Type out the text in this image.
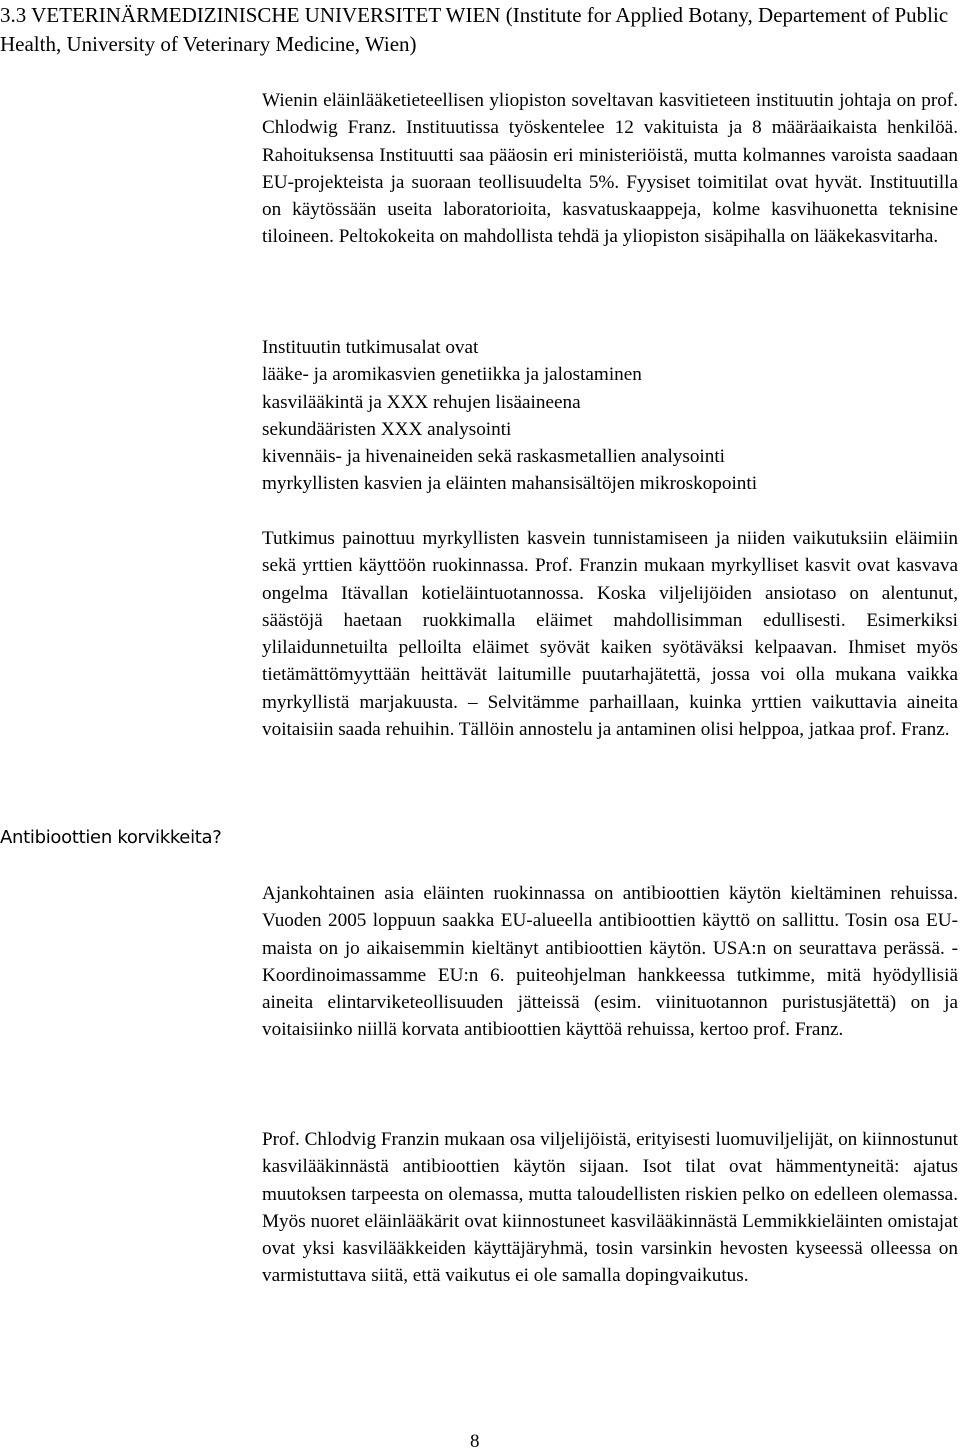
3.3 VETERINÄRMEDIZINISCHE UNIVERSITET WIEN (Institute for Applied Botany, Departement of Public Health, University of Veterinary Medicine, Wien)

Wienin eläinlääketieteellisen yliopiston soveltavan kasvitieteen instituutin johtaja on prof. Chlodwig Franz. Instituutissa työskentelee 12 vakituista ja 8 määräaikaista henkilöä. Rahoituksensa Instituutti saa pääosin eri ministeriöistä, mutta kolmannes varoista saadaan EU-projekteista ja suoraan teollisuudelta 5%. Fyysiset toimitilat ovat hyvät. Instituutilla on käytössään useita laboratorioita, kasvatuskaappeja, kolme kasvihuonetta teknisine tiloineen. Peltokokeita on mahdollista tehdä ja yliopiston sisäpihalla on lääkekasvitarha.

Instituutin tutkimusalat ovat
lääke- ja aromikasvien genetiikka ja jalostaminen
kasvilääkintä ja XXX rehujen lisäaineena
sekundääristen XXX analysointi
kivennäis- ja hivenaineiden sekä raskasmetallien analysointi
myrkyllisten kasvien ja eläinten mahansisältöjen mikroskopointi

Tutkimus painottuu myrkyllisten kasvein tunnistamiseen ja niiden vaikutuksiin eläimiin sekä yrttien käyttöön ruokinnassa. Prof. Franzin mukaan myrkylliset kasvit ovat kasvava ongelma Itävallan kotieläintuotannossa. Koska viljelijöiden ansiotaso on alentunut, säästöjä haetaan ruokkimalla eläimet mahdollisimman edullisesti. Esimerkiksi ylilaidunnetuilta pelloilta eläimet syövät kaiken syötäväksi kelpaavan. Ihmiset myös tietämättömyyttään heittävät laitumille puutarhajätettä, jossa voi olla mukana vaikka myrkyllistä marjakuusta. – Selvitämme parhaillaan, kuinka yrttien vaikuttavia aineita voitaisiin saada rehuihin. Tällöin annostelu ja antaminen olisi helppoa, jatkaa prof. Franz.

Antibioottien korvikkeita?

Ajankohtainen asia eläinten ruokinnassa on antibioottien käytön kieltäminen rehuissa. Vuoden 2005 loppuun saakka EU-alueella antibioottien käyttö on sallittu. Tosin osa EU-maista on jo aikaisemmin kieltänyt antibioottien käytön. USA:n on seurattava perässä. - Koordinoimassamme EU:n 6. puiteohjelman hankkeessa tutkimme, mitä hyödyllisiä aineita elintarviketeollisuuden jätteissä (esim. viinituotannon puristusjätettä) on ja voitaisiinko niillä korvata antibioottien käyttöä rehuissa, kertoo prof. Franz.

Prof. Chlodvig Franzin mukaan osa viljelijöistä, erityisesti luomuviljelijät, on kiinnostunut kasvilääkinnästä antibioottien käytön sijaan. Isot tilat ovat hämmentyneitä: ajatus muutoksen tarpeesta on olemassa, mutta taloudellisten riskien pelko on edelleen olemassa. Myös nuoret eläinlääkärit ovat kiinnostuneet kasvilääkinnästä Lemmikkieläinten omistajat ovat yksi kasvilääkkeiden käyttäjäryhmä, tosin varsinkin hevosten kyseessä olleessa on varmistuttava siitä, että vaikutus ei ole samalla dopingvaikutus.

8
